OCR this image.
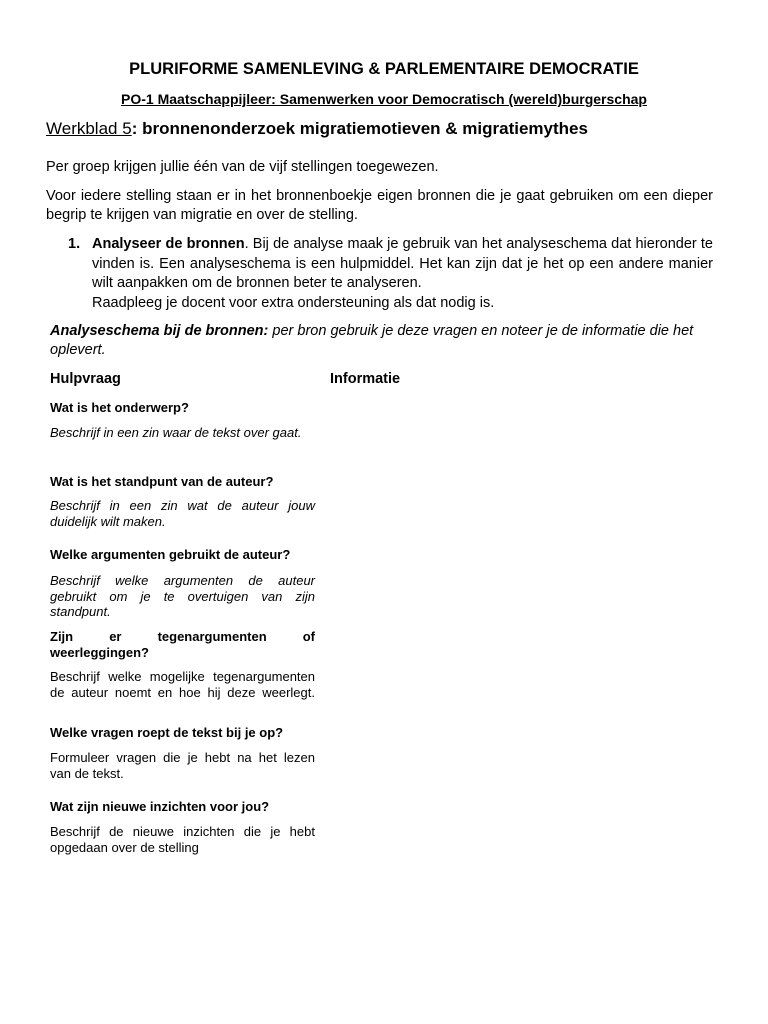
PLURIFORME SAMENLEVING & PARLEMENTAIRE DEMOCRATIE
PO-1 Maatschappijleer: Samenwerken voor Democratisch (wereld)burgerschap
Werkblad 5: bronnenonderzoek migratiemotieven & migratiemythes
Per groep krijgen jullie één van de vijf stellingen toegewezen.
Voor iedere stelling staan er in het bronnenboekje eigen bronnen die je gaat gebruiken om een dieper begrip te krijgen van migratie en over de stelling.
1. Analyseer de bronnen. Bij de analyse maak je gebruik van het analyseschema dat hieronder te vinden is. Een analyseschema is een hulpmiddel. Het kan zijn dat je het op een andere manier wilt aanpakken om de bronnen beter te analyseren.
Raadpleeg je docent voor extra ondersteuning als dat nodig is.
Analyseschema bij de bronnen: per bron gebruik je deze vragen en noteer je de informatie die het oplevert.
Hulpvraag	Informatie
Wat is het onderwerp?
Beschrijf in een zin waar de tekst over gaat.
Wat is het standpunt van de auteur?
Beschrijf in een zin wat de auteur jouw duidelijk wilt maken.
Welke argumenten gebruikt de auteur?
Beschrijf welke argumenten de auteur gebruikt om je te overtuigen van zijn standpunt.
Zijn er tegenargumenten of weerleggingen?
Beschrijf welke mogelijke tegenargumenten de auteur noemt en hoe hij deze weerlegt.
Welke vragen roept de tekst bij je op?
Formuleer vragen die je hebt na het lezen van de tekst.
Wat zijn nieuwe inzichten voor jou?
Beschrijf de nieuwe inzichten die je hebt opgedaan over de stelling
